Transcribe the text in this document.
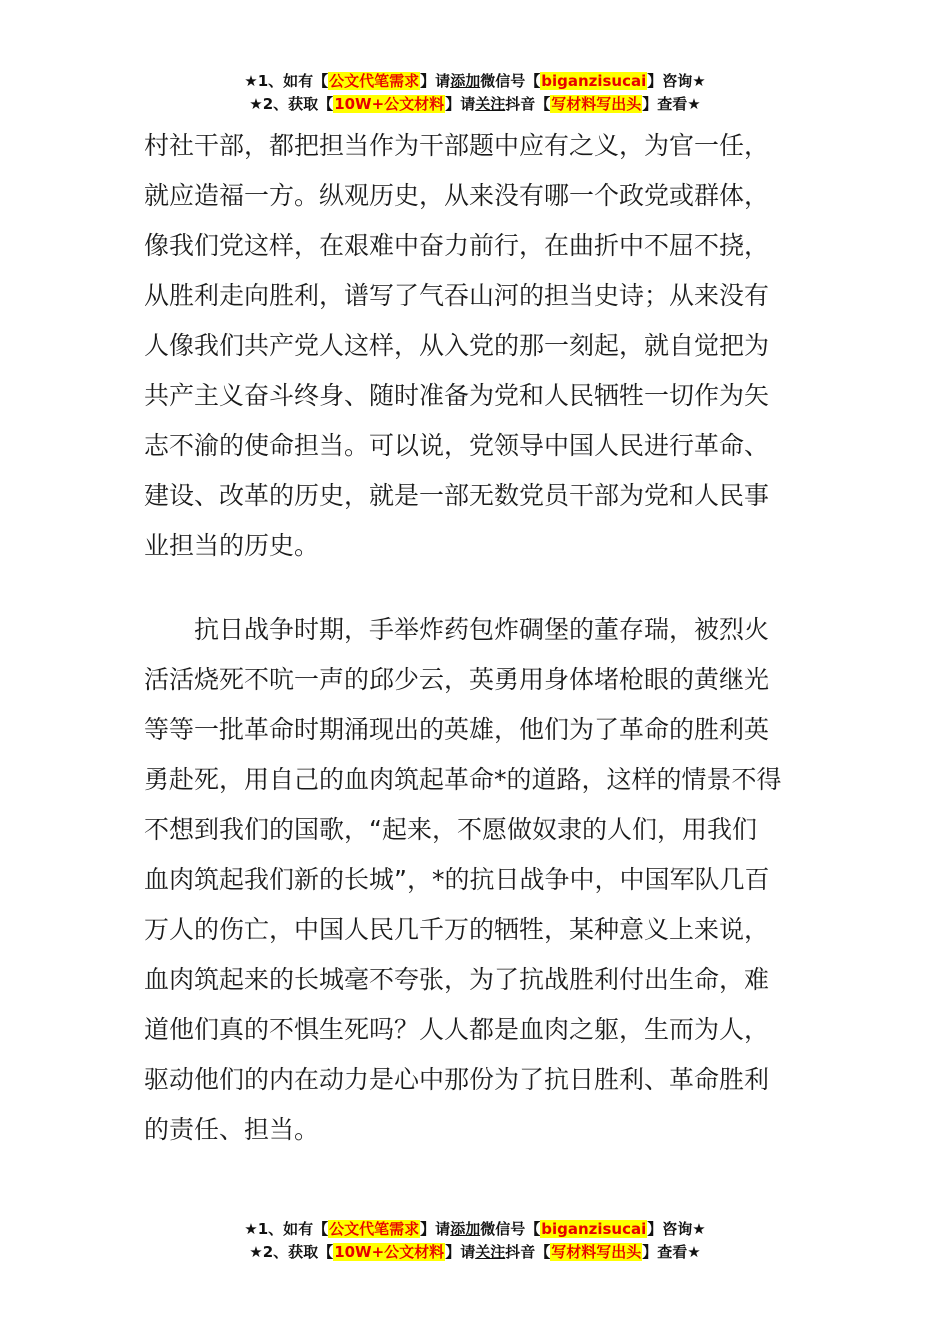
★1、如有【公文代笔需求】请添加微信号【biganzisucai】咨询★
★2、获取【10W+公文材料】请关注抖音【写材料写出头】查看★

村社干部，都把担当作为干部题中应有之义，为官一任，

就应造福一方。纵观历史，从来没有哪一个政党或群体，

像我们党这样，在艰难中奋力前行，在曲折中不屈不挠，

从胜利走向胜利，谱写了气吞山河的担当史诗；从来没有

人像我们共产党人这样，从入党的那一刻起，就自觉把为

共产主义奋斗终身、随时准备为党和人民牺牲一切作为矢

志不渝的使命担当。可以说，党领导中国人民进行革命、

建设、改革的历史，就是一部无数党员干部为党和人民事

业担当的历史。

　　抗日战争时期，手举炸药包炸碉堡的董存瑞，被烈火

活活烧死不吭一声的邱少云，英勇用身体堵枪眼的黄继光

等等一批革命时期涌现出的英雄，他们为了革命的胜利英

勇赴死，用自己的血肉筑起革命*的道路，这样的情景不得

不想到我们的国歌，“起来，不愿做奴隶的人们，用我们

血肉筑起我们新的长城”，*的抗日战争中，中国军队几百

万人的伤亡，中国人民几千万的牺牲，某种意义上来说，

血肉筑起来的长城毫不夸张，为了抗战胜利付出生命，难

道他们真的不惧生死吗？人人都是血肉之躯，生而为人，

驱动他们的内在动力是心中那份为了抗日胜利、革命胜利

的责任、担当。

★1、如有【公文代笔需求】请添加微信号【biganzisucai】咨询★
★2、获取【10W+公文材料】请关注抖音【写材料写出头】查看★
